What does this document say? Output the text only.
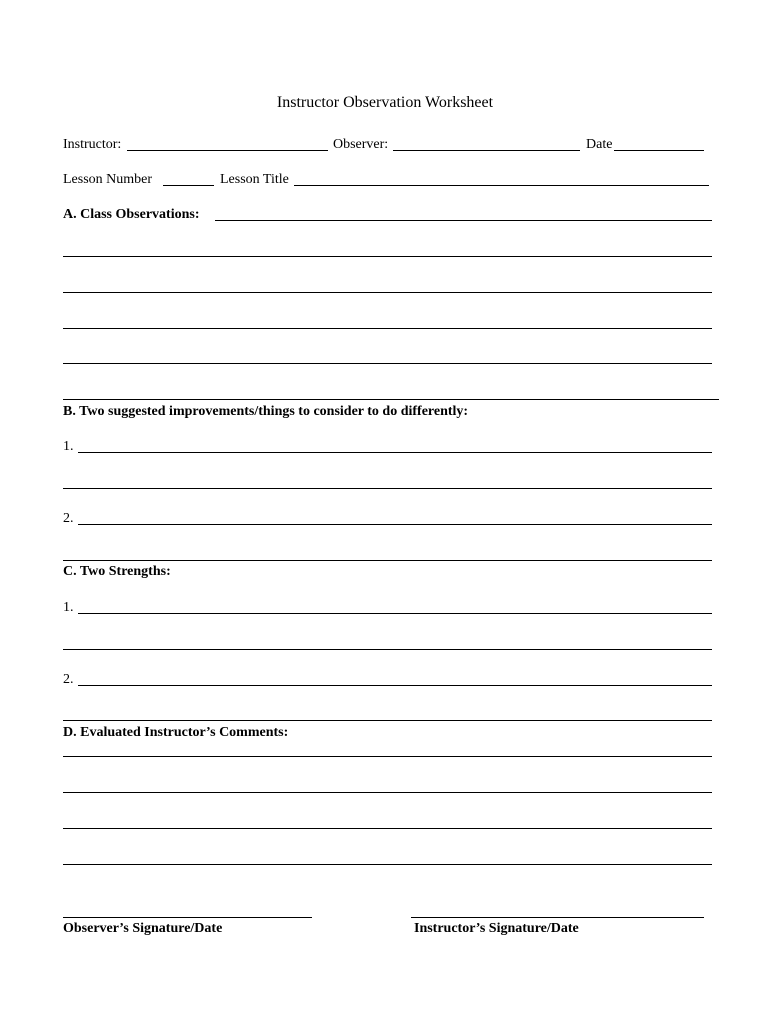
Instructor Observation Worksheet
Instructor:	Observer:	Date
Lesson Number	Lesson Title
A. Class Observations:
B. Two suggested improvements/things to consider to do differently:
1.
2.
C. Two Strengths:
1.
2.
D. Evaluated Instructor’s Comments:
Observer’s Signature/Date	Instructor’s Signature/Date
